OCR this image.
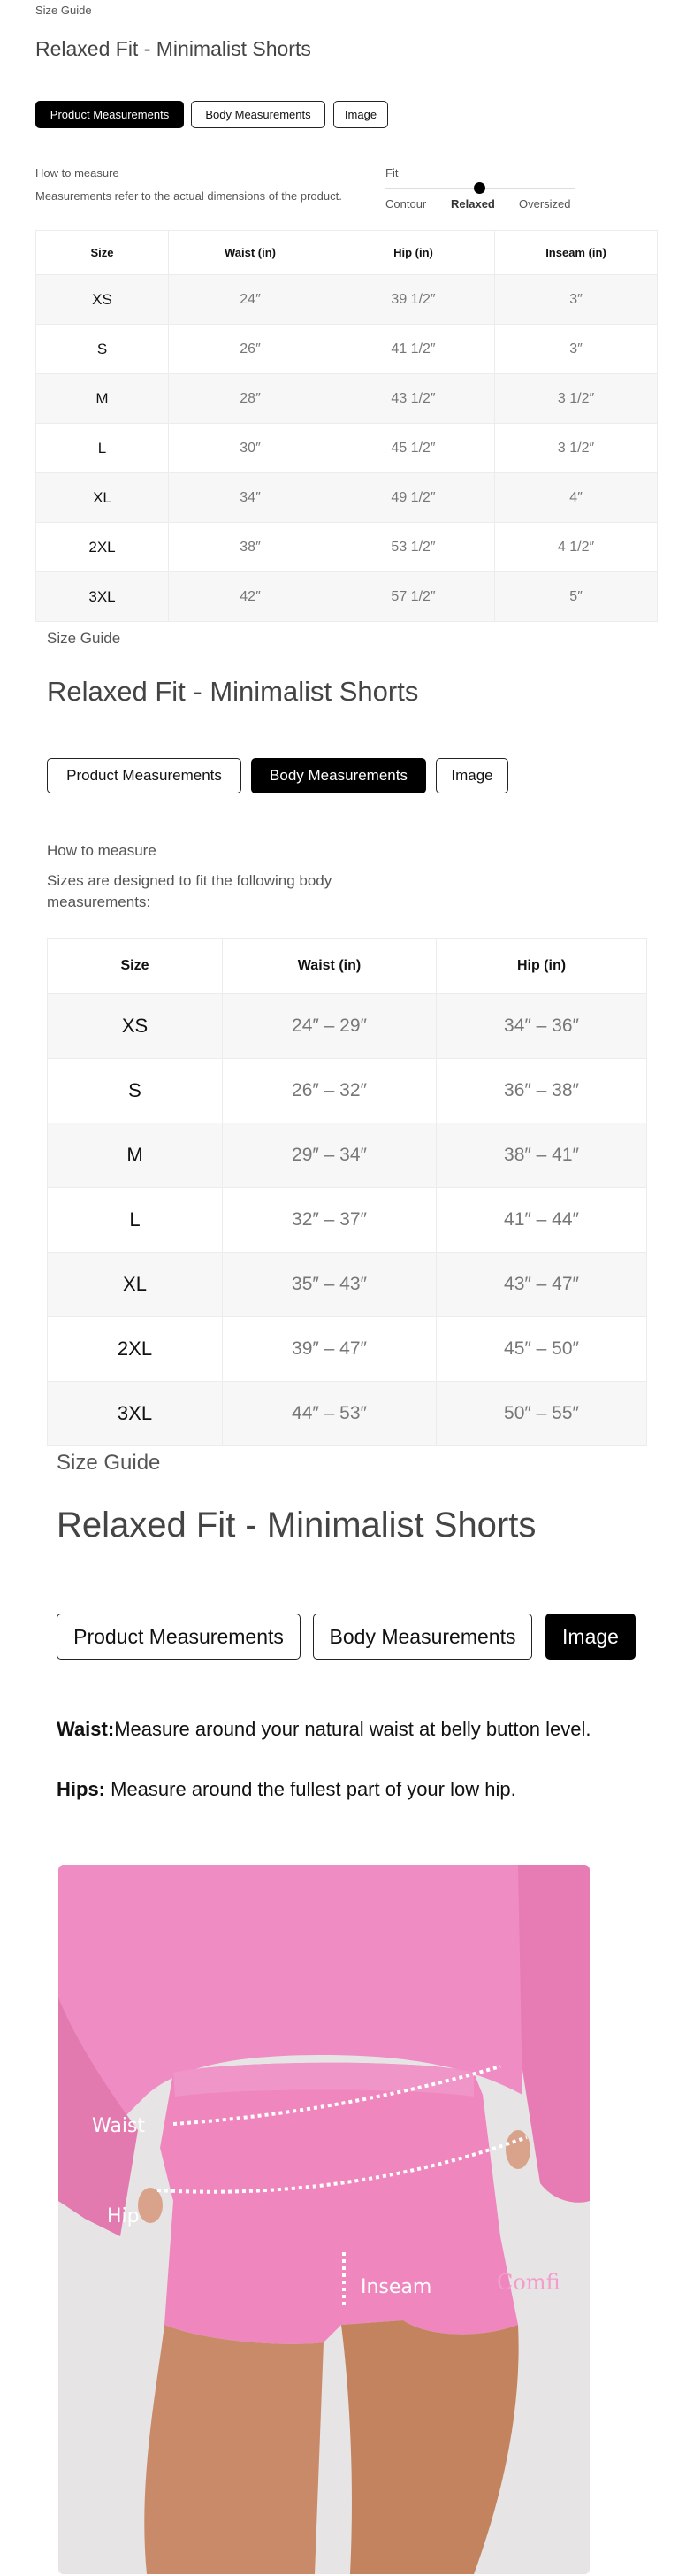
Size Guide
Relaxed Fit - Minimalist Shorts
Product Measurements	Body Measurements	Image
How to measure
Measurements refer to the actual dimensions of the product.
Fit
Contour Relaxed Oversized
Size	Waist (in)	Hip (in)	Inseam (in)
XS	24″	39 1/2″	3″
S	26″	41 1/2″	3″
M	28″	43 1/2″	3 1/2″
L	30″	45 1/2″	3 1/2″
XL	34″	49 1/2″	4″
2XL	38″	53 1/2″	4 1/2″
3XL	42″	57 1/2″	5″
Size Guide
Relaxed Fit - Minimalist Shorts
Product Measurements	Body Measurements	Image
How to measure
Sizes are designed to fit the following body measurements:
Size	Waist (in)	Hip (in)
XS	24″ – 29″	34″ – 36″
S	26″ – 32″	36″ – 38″
M	29″ – 34″	38″ – 41″
L	32″ – 37″	41″ – 44″
XL	35″ – 43″	43″ – 47″
2XL	39″ – 47″	45″ – 50″
3XL	44″ – 53″	50″ – 55″
Size Guide
Relaxed Fit - Minimalist Shorts
Product Measurements	Body Measurements	Image
Waist:Measure around your natural waist at belly button level.
Hips: Measure around the fullest part of your low hip.
Waist
Hip
Inseam	Comfi
